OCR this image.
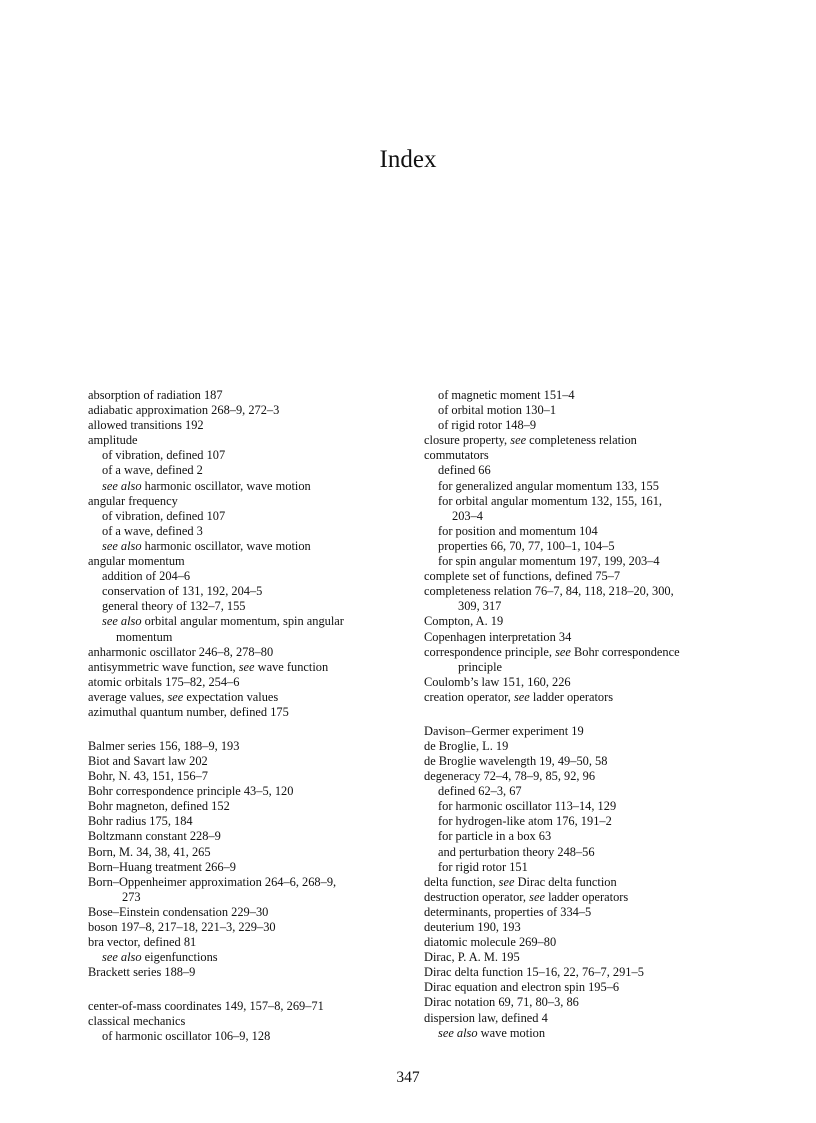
Index
absorption of radiation 187
adiabatic approximation 268–9, 272–3
allowed transitions 192
amplitude
of vibration, defined 107
of a wave, defined 2
see also harmonic oscillator, wave motion
angular frequency
of vibration, defined 107
of a wave, defined 3
see also harmonic oscillator, wave motion
angular momentum
addition of 204–6
conservation of 131, 192, 204–5
general theory of 132–7, 155
see also orbital angular momentum, spin angular
momentum
anharmonic oscillator 246–8, 278–80
antisymmetric wave function, see wave function
atomic orbitals 175–82, 254–6
average values, see expectation values
azimuthal quantum number, defined 175
Balmer series 156, 188–9, 193
Biot and Savart law 202
Bohr, N. 43, 151, 156–7
Bohr correspondence principle 43–5, 120
Bohr magneton, defined 152
Bohr radius 175, 184
Boltzmann constant 228–9
Born, M. 34, 38, 41, 265
Born–Huang treatment 266–9
Born–Oppenheimer approximation 264–6, 268–9,
273
Bose–Einstein condensation 229–30
boson 197–8, 217–18, 221–3, 229–30
bra vector, defined 81
see also eigenfunctions
Brackett series 188–9
center-of-mass coordinates 149, 157–8, 269–71
classical mechanics
of harmonic oscillator 106–9, 128
of magnetic moment 151–4
of orbital motion 130–1
of rigid rotor 148–9
closure property, see completeness relation
commutators
defined 66
for generalized angular momentum 133, 155
for orbital angular momentum 132, 155, 161,
203–4
for position and momentum 104
properties 66, 70, 77, 100–1, 104–5
for spin angular momentum 197, 199, 203–4
complete set of functions, defined 75–7
completeness relation 76–7, 84, 118, 218–20, 300,
309, 317
Compton, A. 19
Copenhagen interpretation 34
correspondence principle, see Bohr correspondence
principle
Coulomb’s law 151, 160, 226
creation operator, see ladder operators
Davison–Germer experiment 19
de Broglie, L. 19
de Broglie wavelength 19, 49–50, 58
degeneracy 72–4, 78–9, 85, 92, 96
defined 62–3, 67
for harmonic oscillator 113–14, 129
for hydrogen-like atom 176, 191–2
for particle in a box 63
and perturbation theory 248–56
for rigid rotor 151
delta function, see Dirac delta function
destruction operator, see ladder operators
determinants, properties of 334–5
deuterium 190, 193
diatomic molecule 269–80
Dirac, P. A. M. 195
Dirac delta function 15–16, 22, 76–7, 291–5
Dirac equation and electron spin 195–6
Dirac notation 69, 71, 80–3, 86
dispersion law, defined 4
see also wave motion
347
